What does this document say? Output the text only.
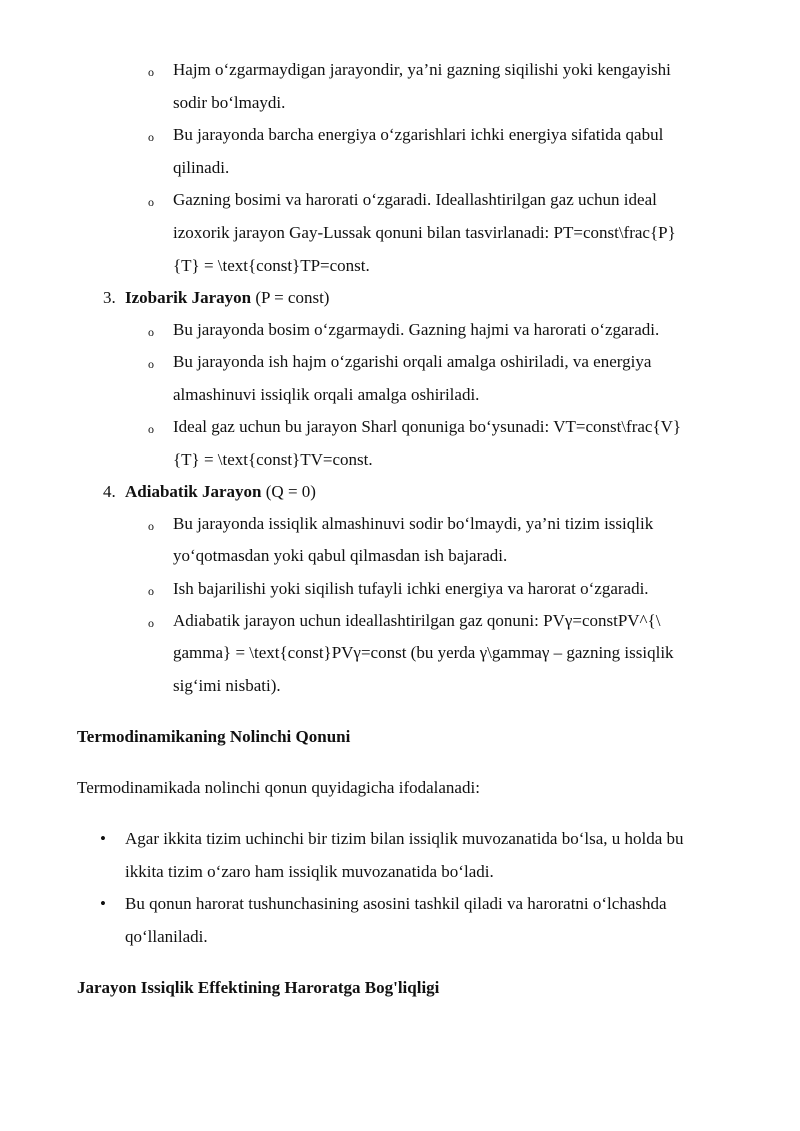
o Hajm o‘zgarmaydigan jarayondir, ya’ni gazning siqilishi yoki kengayishi
sodir bo‘lmaydi.
o Bu jarayonda barcha energiya o‘zgarishlari ichki energiya sifatida qabul
qilinadi.
o Gazning bosimi va harorati o‘zgaradi. Ideallashtirilgan gaz uchun ideal
izoxorik jarayon Gay-Lussak qonuni bilan tasvirlanadi: PT=const\frac{P}
{T} = \text{const}TP=const.
3. Izobarik Jarayon (P = const)
o Bu jarayonda bosim o‘zgarmaydi. Gazning hajmi va harorati o‘zgaradi.
o Bu jarayonda ish hajm o‘zgarishi orqali amalga oshiriladi, va energiya
almashinuvi issiqlik orqali amalga oshiriladi.
o Ideal gaz uchun bu jarayon Sharl qonuniga bo‘ysunadi: VT=const\frac{V}
{T} = \text{const}TV=const.
4. Adiabatik Jarayon (Q = 0)
o Bu jarayonda issiqlik almashinuvi sodir bo‘lmaydi, ya’ni tizim issiqlik
yo‘qotmasdan yoki qabul qilmasdan ish bajaradi.
o Ish bajarilishi yoki siqilish tufayli ichki energiya va harorat o‘zgaradi.
o Adiabatik jarayon uchun ideallashtirilgan gaz qonuni: PVγ=constPV^{\
gamma} = \text{const}PVγ=const (bu yerda γ\gammaγ – gazning issiqlik
sig‘imi nisbati).
Termodinamikaning Nolinchi Qonuni
Termodinamikada nolinchi qonun quyidagicha ifodalanadi:
• Agar ikkita tizim uchinchi bir tizim bilan issiqlik muvozanatida bo‘lsa, u holda bu
ikkita tizim o‘zaro ham issiqlik muvozanatida bo‘ladi.
• Bu qonun harorat tushunchasining asosini tashkil qiladi va haroratni o‘lchashda
qo‘llaniladi.
Jarayon Issiqlik Effektining Haroratga Bog'liqligi
